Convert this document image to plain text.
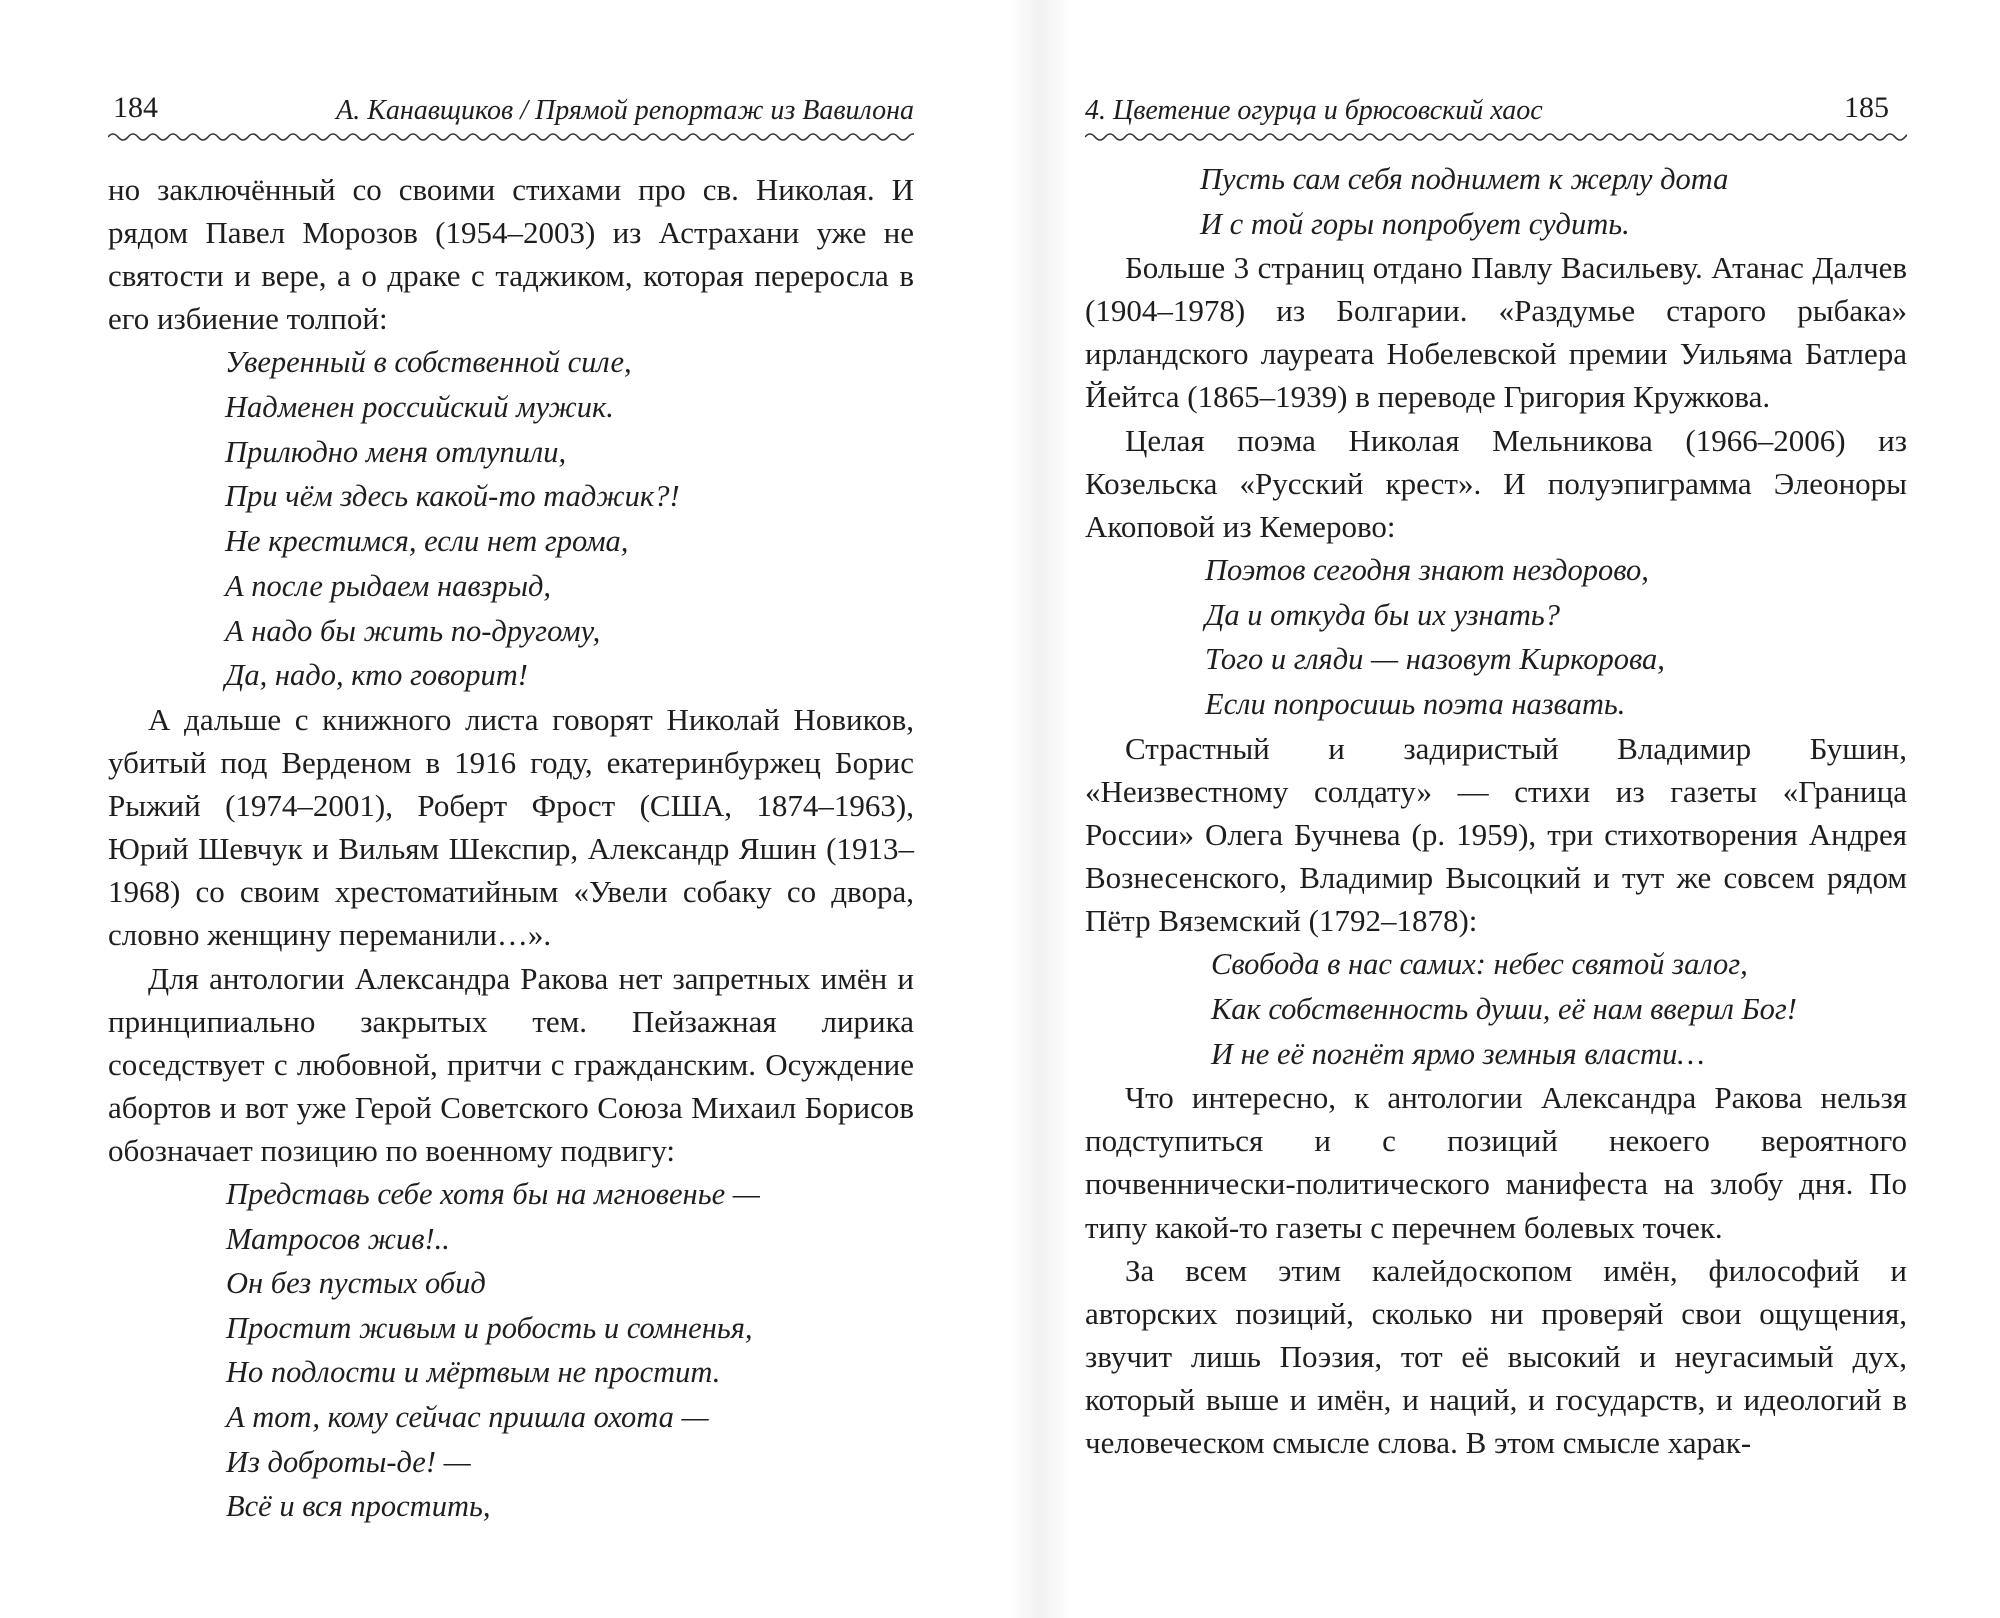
184	А. Канавщиков / Прямой репортаж из Вавилона

но заключённый со своими стихами про св. Николая. И рядом Павел Морозов (1954–2003) из Астрахани уже не святости и вере, а о драке с таджиком, которая переросла в его избиение толпой:

Уверенный в собственной силе,
Надменен российский мужик.
Прилюдно меня отлупили,
При чём здесь какой-то таджик?!
Не крестимся, если нет грома,
А после рыдаем навзрыд,
А надо бы жить по-другому,
Да, надо, кто говорит!

А дальше с книжного листа говорят Николай Новиков, убитый под Верденом в 1916 году, екатеринбуржец Борис Рыжий (1974–2001), Роберт Фрост (США, 1874–1963), Юрий Шевчук и Вильям Шекспир, Александр Яшин (1913–1968) со своим хрестоматийным «Увели собаку со двора, словно женщину переманили…».

Для антологии Александра Ракова нет запретных имён и принципиально закрытых тем. Пейзажная лирика соседствует с любовной, притчи с гражданским. Осуждение абортов и вот уже Герой Советского Союза Михаил Борисов обозначает позицию по военному подвигу:

Представь себе хотя бы на мгновенье —
Матросов жив!..
Он без пустых обид
Простит живым и робость и сомненья,
Но подлости и мёртвым не простит.
А тот, кому сейчас пришла охота —
Из доброты-де! —
Всё и вся простить,
4. Цветение огурца и брюсовский хаос	185
Пусть сам себя поднимет к жерлу дота
И с той горы попробует судить.

Больше 3 страниц отдано Павлу Васильеву. Атанас Далчев (1904–1978) из Болгарии. «Раздумье старого рыбака» ирландского лауреата Нобелевской премии Уильяма Батлера Йейтса (1865–1939) в переводе Григория Кружкова.

Целая поэма Николая Мельникова (1966–2006) из Козельска «Русский крест». И полуэпиграмма Элеоноры Акоповой из Кемерово:

Поэтов сегодня знают нездорово,
Да и откуда бы их узнать?
Того и гляди — назовут Киркорова,
Если попросишь поэта назвать.

Страстный и задиристый Владимир Бушин, «Неизвестному солдату» — стихи из газеты «Граница России» Олега Бучнева (р. 1959), три стихотворения Андрея Вознесенского, Владимир Высоцкий и тут же совсем рядом Пётр Вяземский (1792–1878):

Свобода в нас самих: небес святой залог,
Как собственность души, её нам вверил Бог!
И не её погнёт ярмо земныя власти…

Что интересно, к антологии Александра Ракова нельзя подступиться и с позиций некоего вероятного почвеннически-политического манифеста на злобу дня. По типу какой-то газеты с перечнем болевых точек.

За всем этим калейдоскопом имён, философий и авторских позиций, сколько ни проверяй свои ощущения, звучит лишь Поэзия, тот её высокий и неугасимый дух, который выше и имён, и наций, и государств, и идеологий в человеческом смысле слова. В этом смысле харак-
